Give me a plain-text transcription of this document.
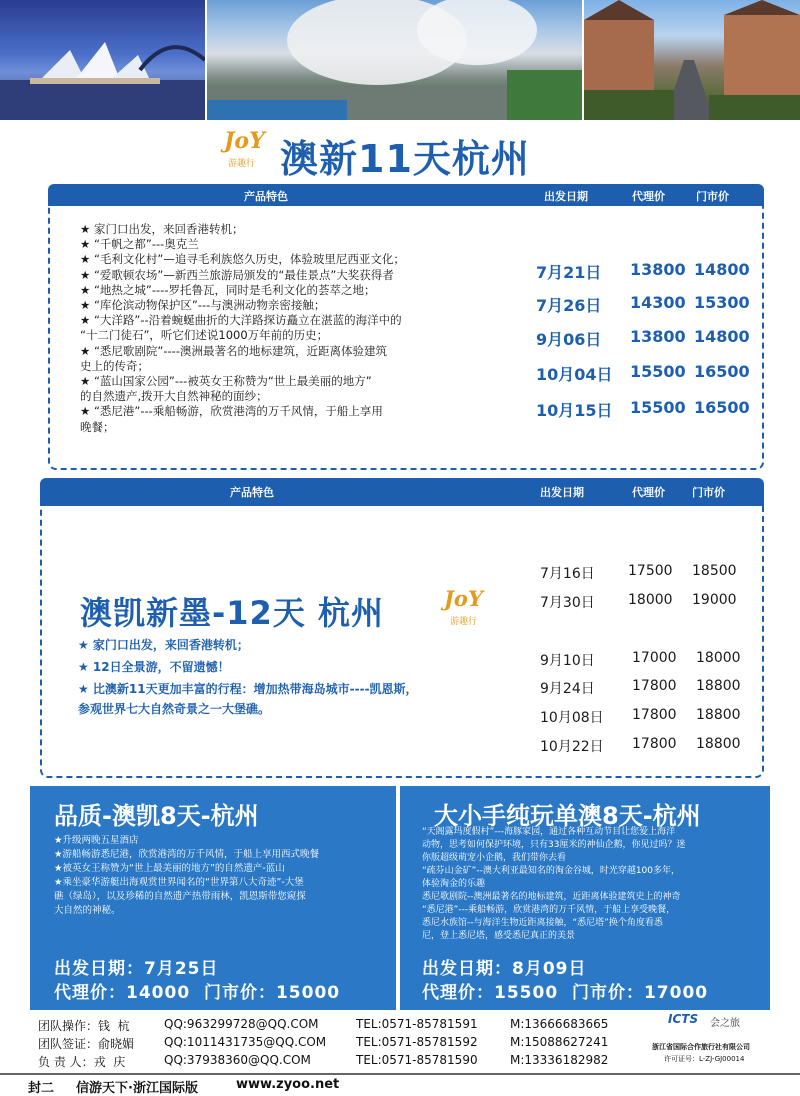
JoY
游趣行 澳新11天杭州
产品特色	出发日期	代理价	门市价
★ 家门口出发，来回香港转机；
★ “千帆之都”---奥克兰
★ “毛利文化村”—追寻毛利族悠久历史，体验玻里尼西亚文化；
★ “爱歌顿农场”—新西兰旅游局颁发的“最佳景点”大奖获得者
★ “地热之城”----罗托鲁瓦，同时是毛利文化的荟萃之地；
★ “库伦滨动物保护区”---与澳洲动物亲密接触；
★ “大洋路”--沿着蜿蜒曲折的大洋路探访矗立在湛蓝的海洋中的
“十二门徒石”，听它们述说1000万年前的历史；
★ “悉尼歌剧院”----澳洲最著名的地标建筑，近距离体验建筑
史上的传奇；
★ “蓝山国家公园”---被英女王称赞为“世上最美丽的地方”
的自然遗产,拨开大自然神秘的面纱；
★ “悉尼港”---乘船畅游，欣赏港湾的万千风情，于船上享用
晚餐；
7月21日 13800 14800
7月26日 14300 15300
9月06日 13800 14800
10月04日 15500 16500
10月15日 15500 16500
产品特色	出发日期	代理价 门市价
澳凯新墨-12天 杭州	JoY
游趣行
★ 家门口出发，来回香港转机；
★ 12日全景游，不留遗憾！
★ 比澳新11天更加丰富的行程：增加热带海岛城市----凯恩斯，
参观世界七大自然奇景之一大堡礁。
7月16日 17500 18500
7月30日 18000 19000
9月10日	17000 18000
9月24日	17800 18800
10月08日 17800 18800
10月22日 17800 18800
品质-澳凯8天-杭州
★升级两晚五星酒店
★游船畅游悉尼港，欣赏港湾的万千风情，于船上享用西式晚餐
★被英女王称赞为“世上最美丽的地方”的自然遗产-蓝山
★乘坐豪华游艇出海观赏世界闻名的“世界第八大奇迹”-大堡
礁（绿岛），以及珍稀的自然遗产热带雨林，凯恩斯带您窥探
大自然的神秘。
出发日期：7月25日
代理价：14000  门市价：15000
大小手纯玩单澳8天-杭州
“天阁露玛度假村”---海豚家园，通过各种互动节目让您爱上海洋
动物，思考如何保护环境，只有33厘米的神仙企鹅，你见过吗？迷
你版超级萌宠小企鹅，我们带你去看
“疏芬山金矿”--澳大利亚最知名的淘金谷城，时光穿越100多年，
体验淘金的乐趣
悉尼歌剧院--澳洲最著名的地标建筑，近距离体验建筑史上的神奇
“悉尼港”---乘船畅游，欣赏港湾的万千风情，于船上享受晚餐，
悉尼水族馆--与海洋生物近距离接触，“悉尼塔”换个角度看悉
尼，登上悉尼塔，感受悉尼真正的美景
出发日期：8月09日
代理价：15500  门市价：17000
团队操作：钱  杭	QQ:963299728@QQ.COM	TEL:0571-85781591	M:13666683665
团队签证：俞晓媚 QQ:1011431735@QQ.COM TEL:0571-85781592	M:15088627241
负 责 人：戎  庆	QQ:37938360@QQ.COM	TEL:0571-85781590	M:13336182982
ICTS 会之旅
浙江省国际合作旅行社有限公司
许可证号：L-ZJ-GJ00014
封二 信游天下·浙江国际版	www.zyoo.net
